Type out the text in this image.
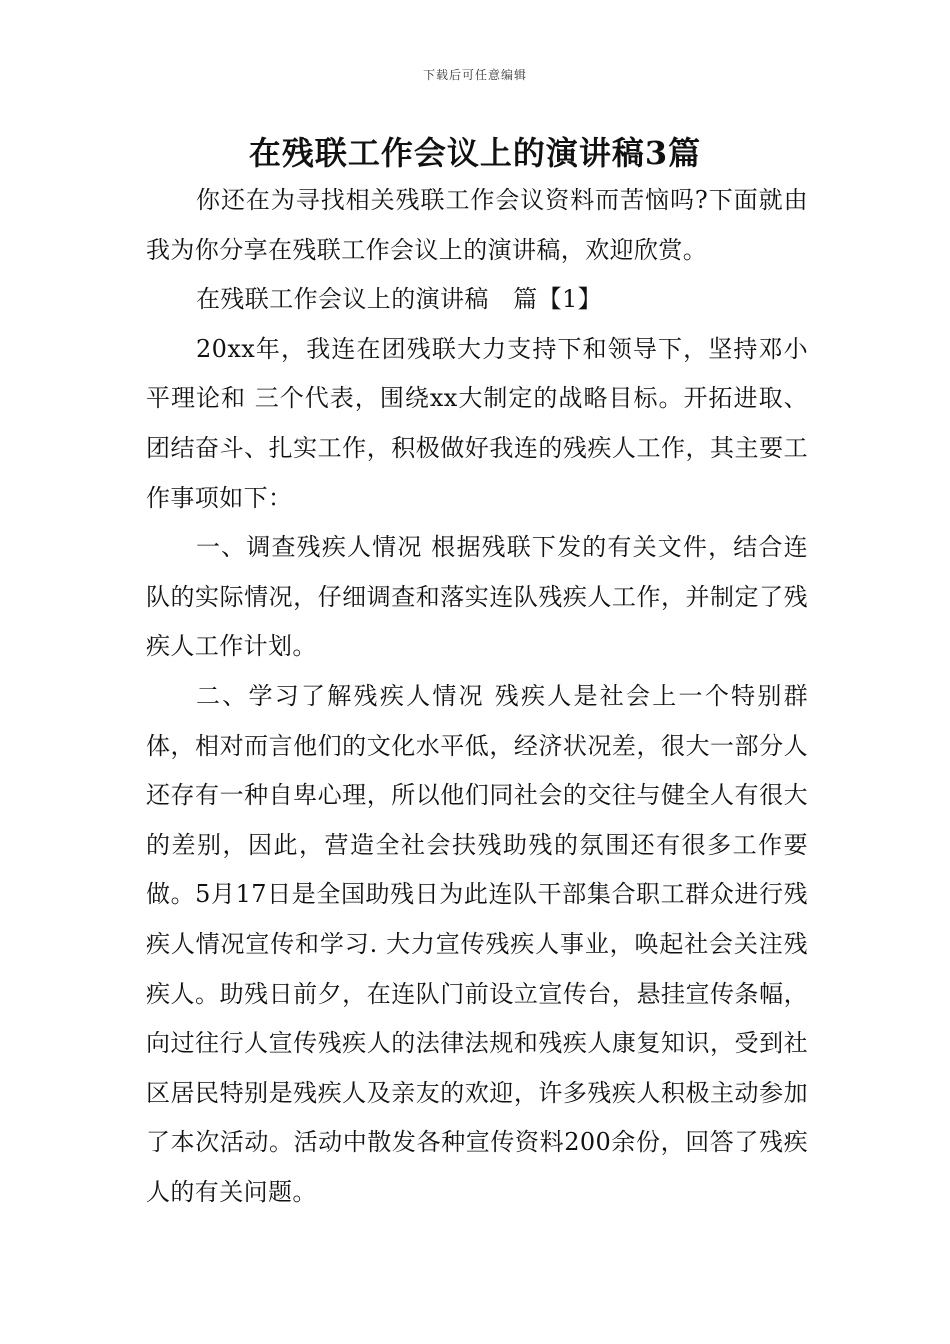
下载后可任意编辑
在残联工作会议上的演讲稿3篇

你还在为寻找相关残联工作会议资料而苦恼吗?下面就由我为你分享在残联工作会议上的演讲稿，欢迎欣赏。

在残联工作会议上的演讲稿　篇【1】

20xx年，我连在团残联大力支持下和领导下，坚持邓小平理论和 三个代表，围绕xx大制定的战略目标。开拓进取、团结奋斗、扎实工作，积极做好我连的残疾人工作，其主要工作事项如下：

一、调查残疾人情况 根据残联下发的有关文件，结合连队的实际情况，仔细调查和落实连队残疾人工作，并制定了残疾人工作计划。

二、学习了解残疾人情况 残疾人是社会上一个特别群体，相对而言他们的文化水平低，经济状况差，很大一部分人还存有一种自卑心理，所以他们同社会的交往与健全人有很大的差别，因此，营造全社会扶残助残的氛围还有很多工作要做。5月17日是全国助残日为此连队干部集合职工群众进行残疾人情况宣传和学习. 大力宣传残疾人事业，唤起社会关注残疾人。助残日前夕，在连队门前设立宣传台，悬挂宣传条幅，向过往行人宣传残疾人的法律法规和残疾人康复知识，受到社区居民特别是残疾人及亲友的欢迎，许多残疾人积极主动参加了本次活动。活动中散发各种宣传资料200余份，回答了残疾人的有关问题。
